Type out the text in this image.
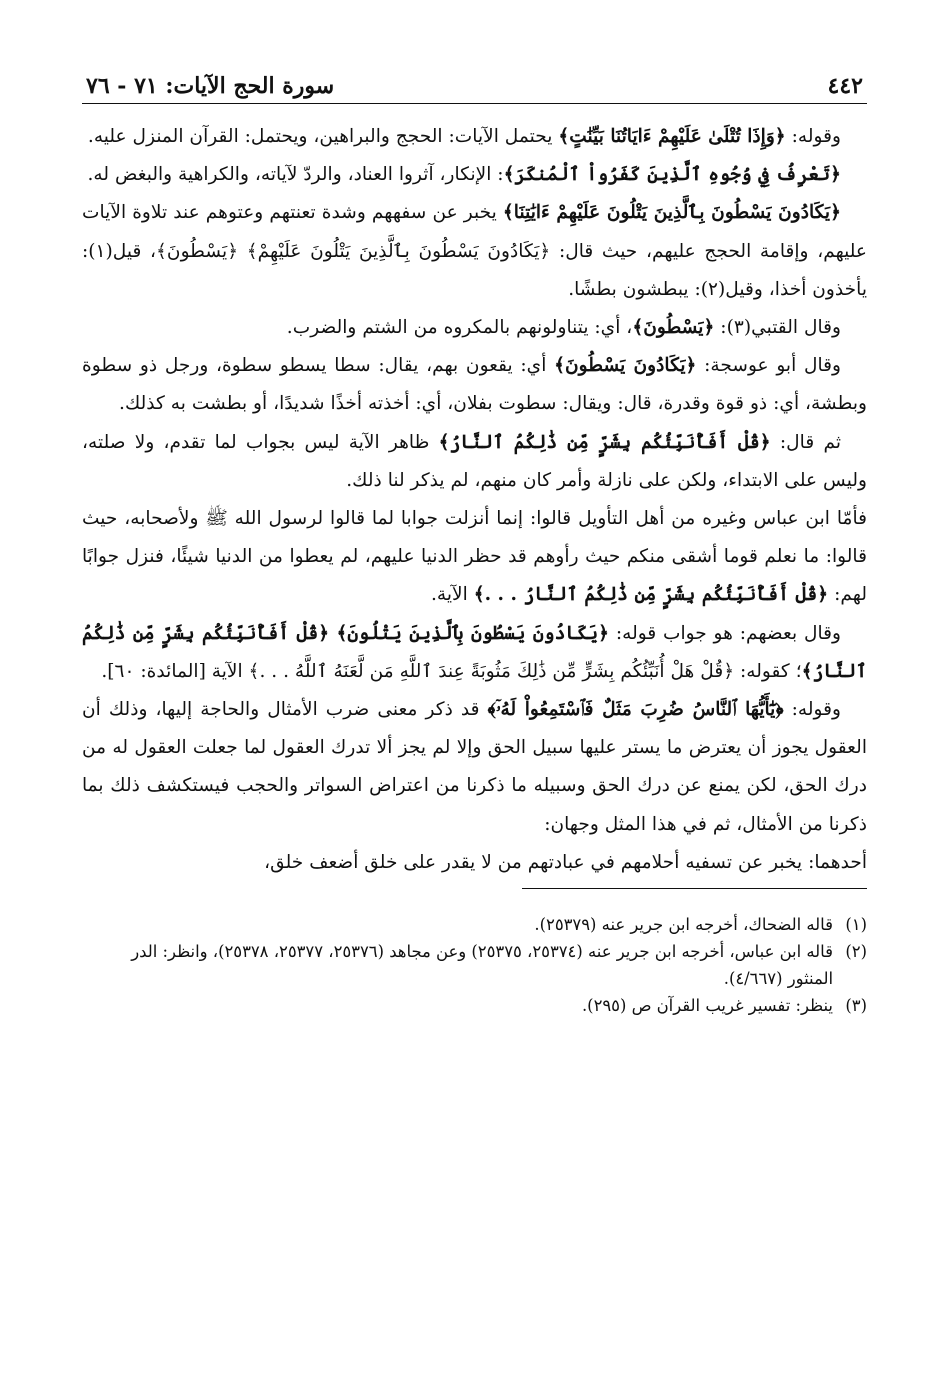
٤٤٢
سورة الحج الآيات: ٧١ - ٧٦

وقوله: ﴿وَإِذَا تُتْلَىٰ عَلَيْهِمْ ءَايَاتُنَا بَيِّنَٰتٍ﴾ يحتمل الآيات: الحجج والبراهين، ويحتمل: القرآن المنزل عليه.

﴿تَعْرِفُ فِي وُجُوهِ ٱلَّذِينَ كَفَرُواْ ٱلْمُنكَرَ﴾: الإنكار، آثروا العناد، والردّ لآياته، والكراهية والبغض له.

﴿يَكَادُونَ يَسْطُونَ بِٱلَّذِينَ يَتْلُونَ عَلَيْهِمْ ءَايَٰتِنَا﴾ يخبر عن سفههم وشدة تعنتهم وعتوهم عند تلاوة الآيات عليهم، وإقامة الحجج عليهم، حيث قال: ﴿يَكَادُونَ يَسْطُونَ بِٱلَّذِينَ يَتْلُونَ عَلَيْهِمْ﴾ ﴿يَسْطُونَ﴾، قيل(١): يأخذون أخذا، وقيل(٢): يبطشون بطشًا.

وقال القتبي(٣): ﴿يَسْطُونَ﴾، أي: يتناولونهم بالمكروه من الشتم والضرب.

وقال أبو عوسجة: ﴿يَكَادُونَ يَسْطُونَ﴾ أي: يقعون بهم، يقال: سطا يسطو سطوة، ورجل ذو سطوة وبطشة، أي: ذو قوة وقدرة، قال: ويقال: سطوت بفلان، أي: أخذته أخذًا شديدًا، أو بطشت به كذلك.

ثم قال: ﴿قُلْ أَفَأُنَبِّئُكُم بِشَرٍّ مِّن ذَٰلِكُمُ ٱلنَّارُ﴾ ظاهر الآية ليس بجواب لما تقدم، ولا صلته، وليس على الابتداء، ولكن على نازلة وأمر كان منهم، لم يذكر لنا ذلك.

فأمّا ابن عباس وغيره من أهل التأويل قالوا: إنما أنزلت جوابا لما قالوا لرسول الله ﷺ ولأصحابه، حيث قالوا: ما نعلم قوما أشقى منكم حيث رأوهم قد حظر الدنيا عليهم، لم يعطوا من الدنيا شيئًا، فنزل جوابًا لهم: ﴿قُلْ أَفَأُنَبِّئُكُم بِشَرٍّ مِّن ذَٰلِكُمُ ٱلنَّارُ . . .﴾ الآية.

وقال بعضهم: هو جواب قوله: ﴿يَكَادُونَ يَسْطُونَ بِٱلَّذِينَ يَتْلُونَ﴾ ﴿قُلْ أَفَأُنَبِّئُكُم بِشَرٍّ مِّن ذَٰلِكُمُ ٱلنَّارُ﴾؛ كقوله: ﴿قُلْ هَلْ أُنَبِّئُكُم بِشَرٍّ مِّن ذَٰلِكَ مَثُوبَةً عِندَ ٱللَّهِ مَن لَّعَنَهُ ٱللَّهُ . . .﴾ الآية [المائدة: ٦٠].

وقوله: ﴿يَٰٓأَيُّهَا ٱلنَّاسُ ضُرِبَ مَثَلٌ فَٱسْتَمِعُواْ لَهُۥٓ﴾ قد ذكر معنى ضرب الأمثال والحاجة إليها، وذلك أن العقول يجوز أن يعترض ما يستر عليها سبيل الحق وإلا لم يجز ألا تدرك العقول لما جعلت العقول له من درك الحق، لكن يمنع عن درك الحق وسبيله ما ذكرنا من اعتراض السواتر والحجب فيستكشف ذلك بما ذكرنا من الأمثال، ثم في هذا المثل وجهان:

أحدهما: يخبر عن تسفيه أحلامهم في عبادتهم من لا يقدر على خلق أضعف خلق،

(١)
قاله الضحاك، أخرجه ابن جرير عنه (٢٥٣٧٩).
(٢)
قاله ابن عباس، أخرجه ابن جرير عنه (٢٥٣٧٤، ٢٥٣٧٥) وعن مجاهد (٢٥٣٧٦، ٢٥٣٧٧، ٢٥٣٧٨)، وانظر: الدر المنثور (٤/٦٦٧).
(٣)
ينظر: تفسير غريب القرآن ص (٢٩٥).
